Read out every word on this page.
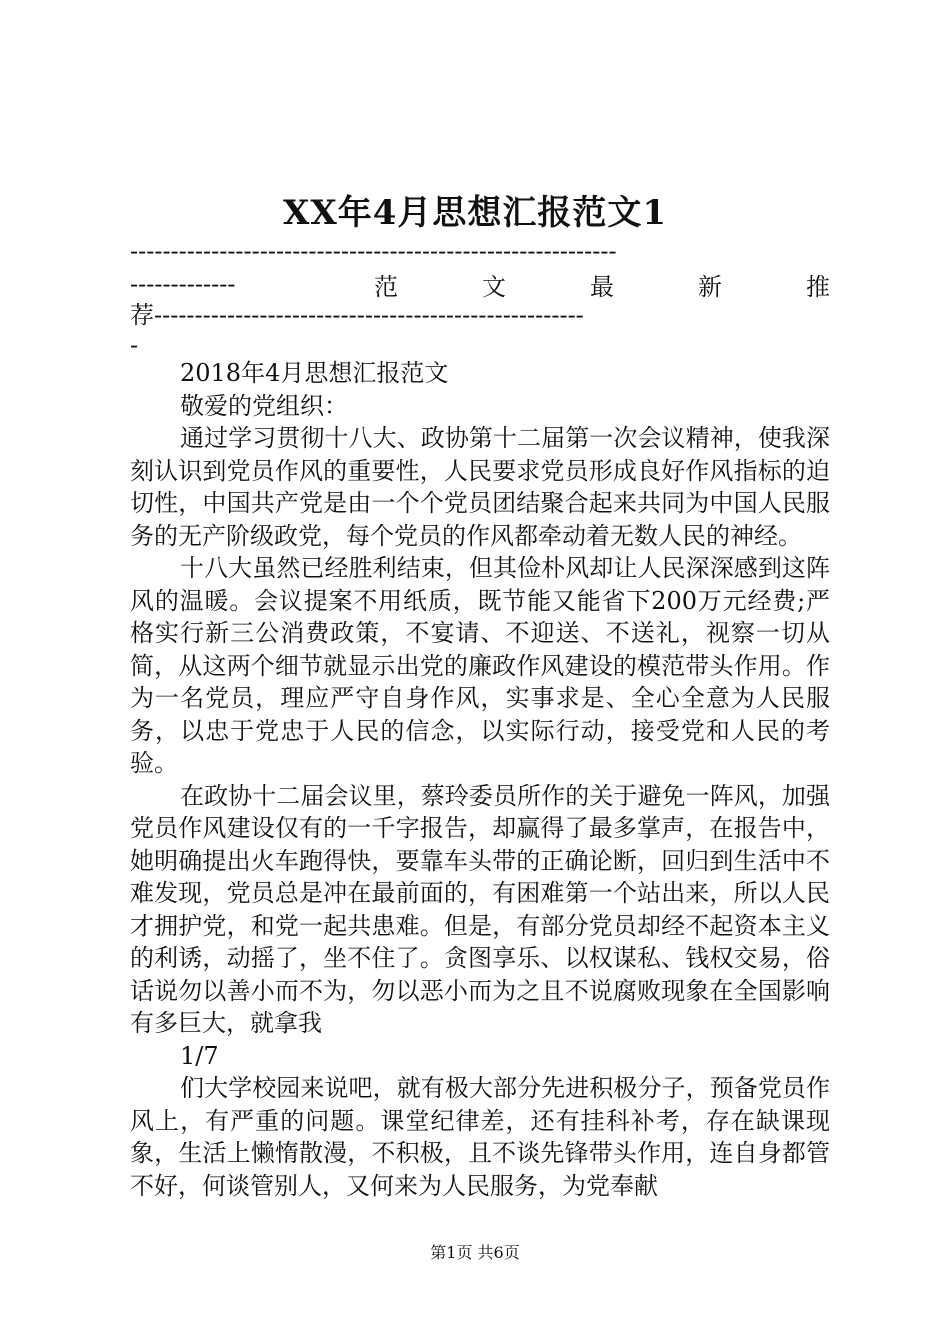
XX年4月思想汇报范文1
------------------------------------------------------------
-------------	范	文	最	新	推
荐-----------------------------------------------------
-

2018年4月思想汇报范文

敬爱的党组织：

通过学习贯彻十八大、政协第十二届第一次会议精神，使我深刻认识到党员作风的重要性，人民要求党员形成良好作风指标的迫切性，中国共产党是由一个个党员团结聚合起来共同为中国人民服务的无产阶级政党，每个党员的作风都牵动着无数人民的神经。

十八大虽然已经胜利结束，但其俭朴风却让人民深深感到这阵风的温暖。会议提案不用纸质，既节能又能省下200万元经费;严格实行新三公消费政策，不宴请、不迎送、不送礼，视察一切从简，从这两个细节就显示出党的廉政作风建设的模范带头作用。作为一名党员，理应严守自身作风，实事求是、全心全意为人民服务，以忠于党忠于人民的信念，以实际行动，接受党和人民的考验。

在政协十二届会议里，蔡玲委员所作的关于避免一阵风，加强党员作风建设仅有的一千字报告，却赢得了最多掌声，在报告中，她明确提出火车跑得快，要靠车头带的正确论断，回归到生活中不难发现，党员总是冲在最前面的，有困难第一个站出来，所以人民才拥护党，和党一起共患难。但是，有部分党员却经不起资本主义的利诱，动摇了，坐不住了。贪图享乐、以权谋私、钱权交易，俗话说勿以善小而不为，勿以恶小而为之且不说腐败现象在全国影响有多巨大，就拿我

1/7

们大学校园来说吧，就有极大部分先进积极分子，预备党员作风上，有严重的问题。课堂纪律差，还有挂科补考，存在缺课现象，生活上懒惰散漫，不积极，且不谈先锋带头作用，连自身都管不好，何谈管别人，又何来为人民服务，为党奉献

第1页 共6页
